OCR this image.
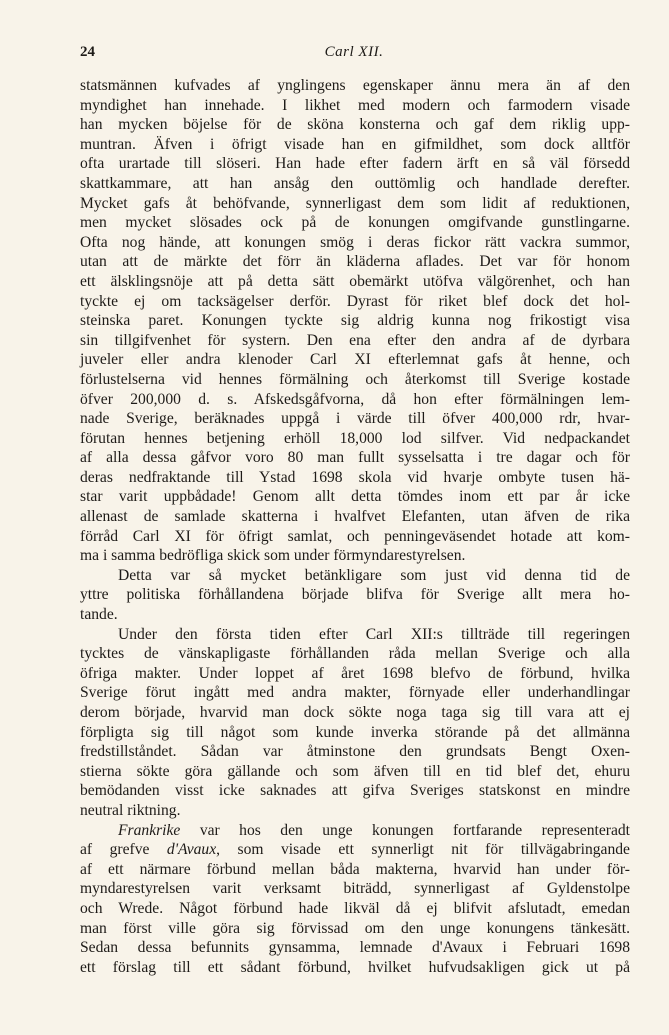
24	Carl XII.
statsmännen kufvades af ynglingens egenskaper ännu mera än af den
myndighet han innehade. I likhet med modern och farmodern visade
han mycken böjelse för de sköna konsterna och gaf dem riklig upp-
muntran. Äfven i öfrigt visade han en gifmildhet, som dock alltför
ofta urartade till slöseri. Han hade efter fadern ärft en så väl försedd
skattkammare, att han ansåg den outtömlig och handlade derefter.
Mycket gafs åt behöfvande, synnerligast dem som lidit af reduktionen,
men mycket slösades ock på de konungen omgifvande gunstlingarne.
Ofta nog hände, att konungen smög i deras fickor rätt vackra summor,
utan att de märkte det förr än kläderna aflades. Det var för honom
ett älsklingsnöje att på detta sätt obemärkt utöfva välgörenhet, och han
tyckte ej om tacksägelser derför. Dyrast för riket blef dock det hol-
steinska paret. Konungen tyckte sig aldrig kunna nog frikostigt visa
sin tillgifvenhet för systern. Den ena efter den andra af de dyrbara
juveler eller andra klenoder Carl XI efterlemnat gafs åt henne, och
förlustelserna vid hennes förmälning och återkomst till Sverige kostade
öfver 200,000 d. s. Afskedsgåfvorna, då hon efter förmälningen lem-
nade Sverige, beräknades uppgå i värde till öfver 400,000 rdr, hvar-
förutan hennes betjening erhöll 18,000 lod silfver. Vid nedpackandet
af alla dessa gåfvor voro 80 man fullt sysselsatta i tre dagar och för
deras nedfraktande till Ystad 1698 skola vid hvarje ombyte tusen hä-
star varit uppbådade! Genom allt detta tömdes inom ett par år icke
allenast de samlade skatterna i hvalfvet Elefanten, utan äfven de rika
förråd Carl XI för öfrigt samlat, och penningeväsendet hotade att kom-
ma i samma bedröfliga skick som under förmyndarestyrelsen.
Detta var så mycket betänkligare som just vid denna tid de
yttre politiska förhållandena började blifva för Sverige allt mera ho-
tande.
Under den första tiden efter Carl XII:s tillträde till regeringen
tycktes de vänskapligaste förhållanden råda mellan Sverige och alla
öfriga makter. Under loppet af året 1698 blefvo de förbund, hvilka
Sverige förut ingått med andra makter, förnyade eller underhandlingar
derom började, hvarvid man dock sökte noga taga sig till vara att ej
förpligta sig till något som kunde inverka störande på det allmänna
fredstillståndet. Sådan var åtminstone den grundsats Bengt Oxen-
stierna sökte göra gällande och som äfven till en tid blef det, ehuru
bemödanden visst icke saknades att gifva Sveriges statskonst en mindre
neutral riktning.
Frankrike var hos den unge konungen fortfarande representeradt
af grefve d'Avaux, som visade ett synnerligt nit för tillvägabringande
af ett närmare förbund mellan båda makterna, hvarvid han under för-
myndarestyrelsen varit verksamt biträdd, synnerligast af Gyldenstolpe
och Wrede. Något förbund hade likväl då ej blifvit afslutadt, emedan
man först ville göra sig förvissad om den unge konungens tänkesätt.
Sedan dessa befunnits gynsamma, lemnade d'Avaux i Februari 1698
ett förslag till ett sådant förbund, hvilket hufvudsakligen gick ut på
